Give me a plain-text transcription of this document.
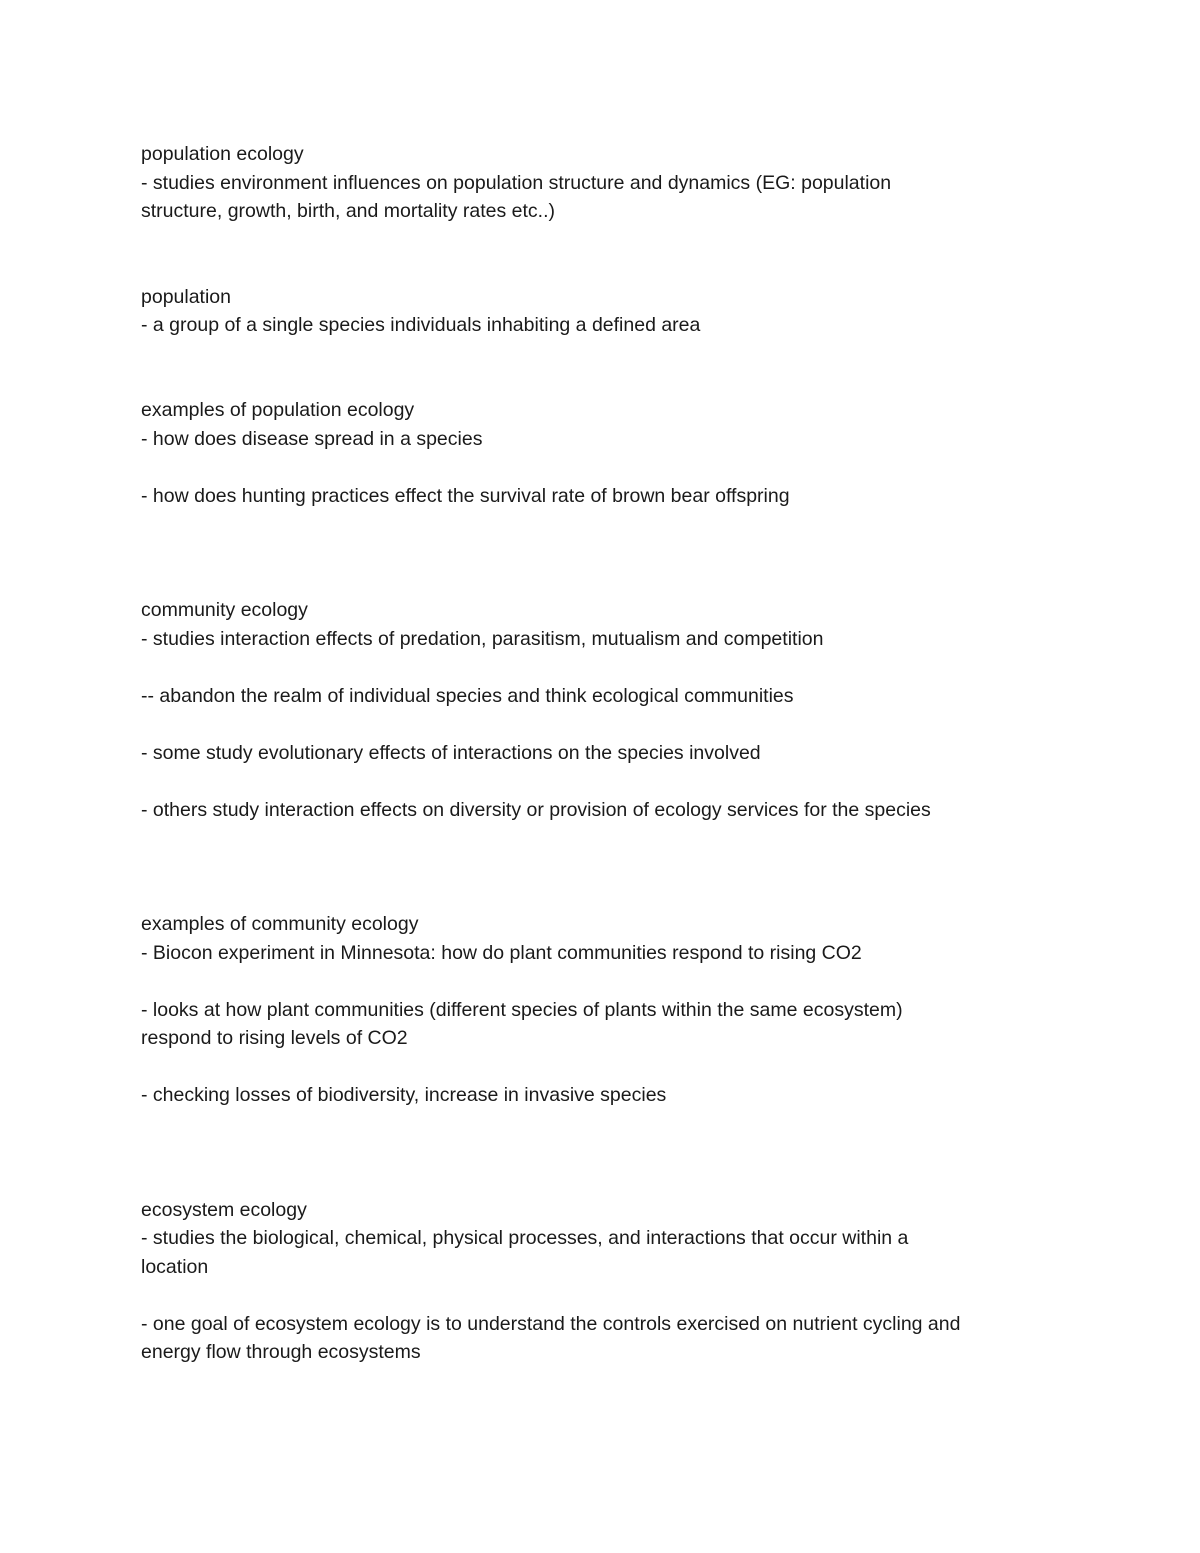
population ecology
- studies environment influences on population structure and dynamics (EG: population
structure, growth, birth, and mortality rates etc..)
population
- a group of a single species individuals inhabiting a defined area
examples of population ecology
- how does disease spread in a species
- how does hunting practices effect the survival rate of brown bear offspring
community ecology
- studies interaction effects of predation, parasitism, mutualism and competition
-- abandon the realm of individual species and think ecological communities
- some study evolutionary effects of interactions on the species involved
- others study interaction effects on diversity or provision of ecology services for the species
examples of community ecology
- Biocon experiment in Minnesota: how do plant communities respond to rising CO2
- looks at how plant communities (different species of plants within the same ecosystem)
respond to rising levels of CO2
- checking losses of biodiversity, increase in invasive species
ecosystem ecology
- studies the biological, chemical, physical processes, and interactions that occur within a
location
- one goal of ecosystem ecology is to understand the controls exercised on nutrient cycling and
energy flow through ecosystems
